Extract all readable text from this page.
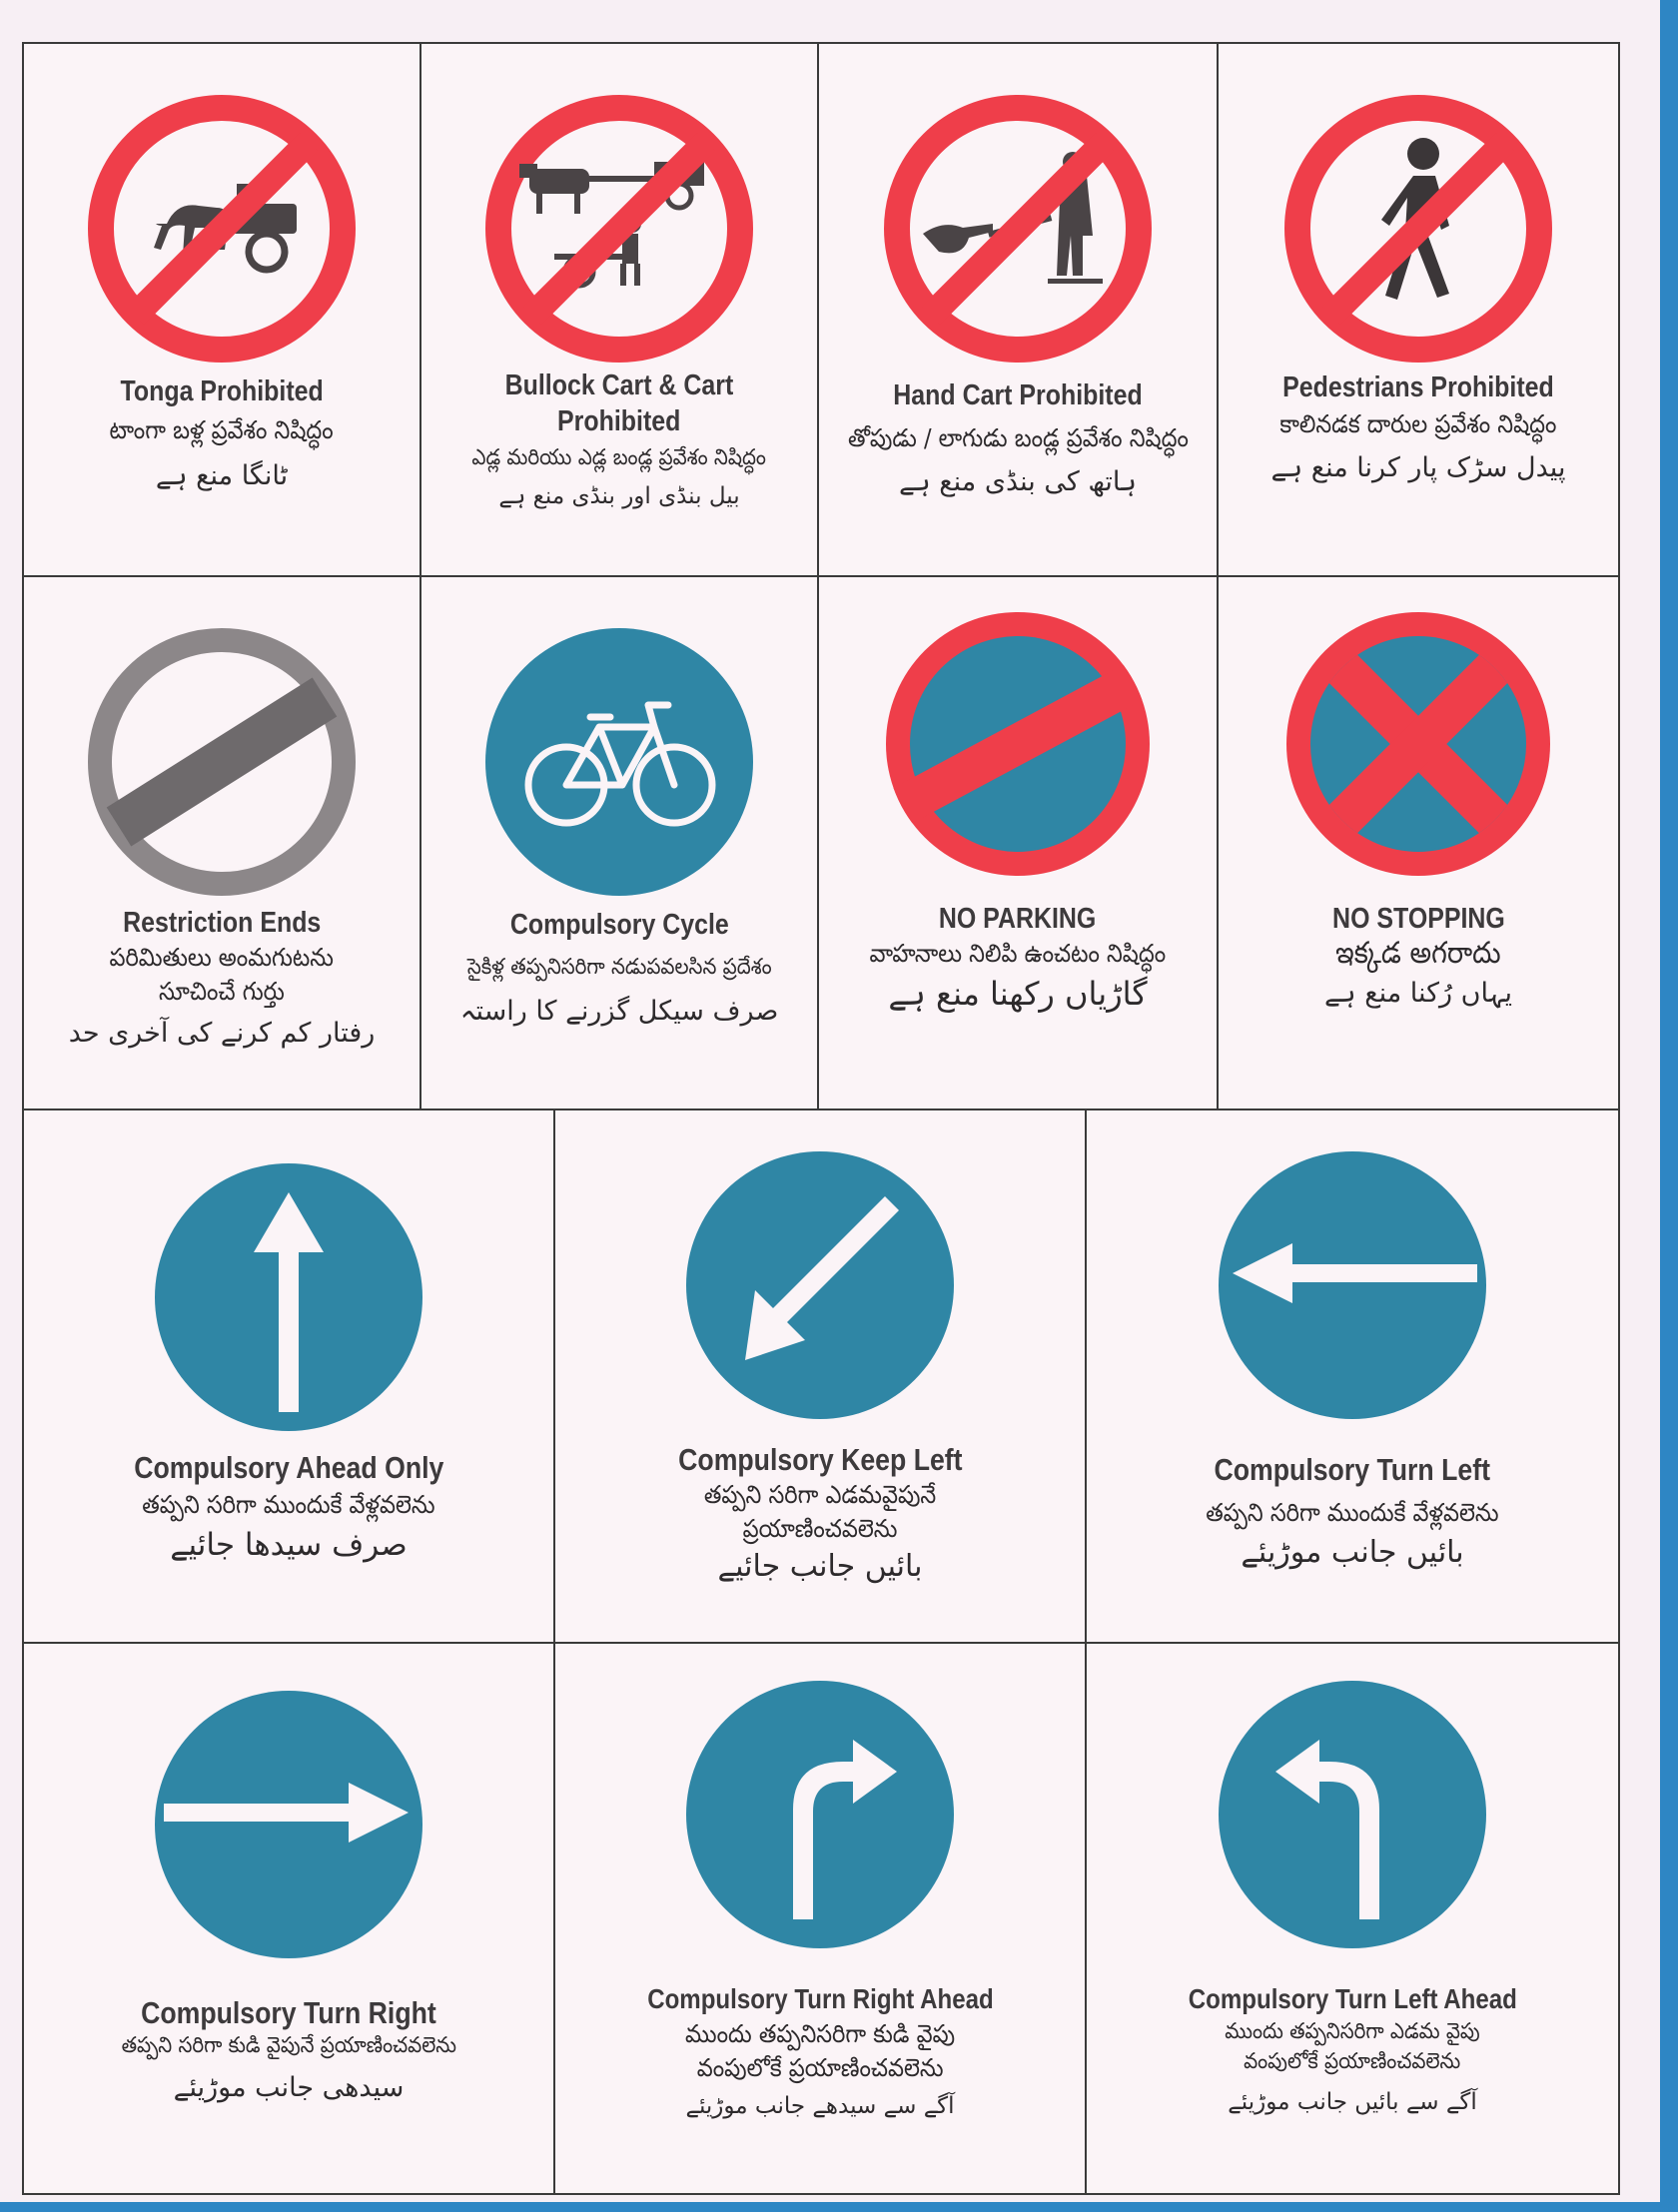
Tonga Prohibited
టాంగా బళ్ల ప్రవేశం నిషిద్ధం
ٹانگا منع ہے
Bullock Cart & Cart
Prohibited
ఎడ్ల మరియు ఎడ్ల బండ్ల ప్రవేశం నిషిద్ధం
بیل بنڈی اور بنڈی منع ہے
Hand Cart Prohibited
తోపుడు / లాగుడు బండ్ల ప్రవేశం నిషిద్ధం
ہاتھ کی بنڈی منع ہے
Pedestrians Prohibited
కాలినడక దారుల ప్రవేశం నిషిద్ధం
پیدل سڑک پار کرنا منع ہے
Restriction Ends
పరిమితులు అంమగుటను
సూచించే గుర్తు
رفتار کم کرنے کی آخری حد
Compulsory Cycle
సైకిళ్ల తప్పనిసరిగా నడుపవలసిన ప్రదేశం
صرف سیکل گزرنے کا راستہ
NO PARKING
వాహనాలు నిలిపి ఉంచటం నిషిద్ధం
گاڑیاں رکھنا منع ہے
NO STOPPING
ఇక్కడ అగరాదు
یہاں رُکنا منع ہے
Compulsory Ahead Only
తప్పని సరిగా ముందుకే వేళ్లవలెను
صرف سیدھا جائیے
Compulsory Keep Left
తప్పని సరిగా ఎడమవైపునే
ప్రయాణించవలెను
بائیں جانب جائیے
Compulsory Turn Left
తప్పని సరిగా ముందుకే వేళ్లవలెను
بائیں جانب موڑیئے
Compulsory Turn Right
తప్పని సరిగా కుడి వైపునే ప్రయాణించవలెను
سیدھی جانب موڑیئے
Compulsory Turn Right Ahead
ముందు తప్పనిసరిగా కుడి వైపు
వంపులోకే ప్రయాణించవలెను
آگے سے سیدھے جانب موڑیئے
Compulsory Turn Left Ahead
ముందు తప్పనిసరిగా ఎడమ వైపు
వంపులోకే ప్రయాణించవలెను
آگے سے بائیں جانب موڑیئے
